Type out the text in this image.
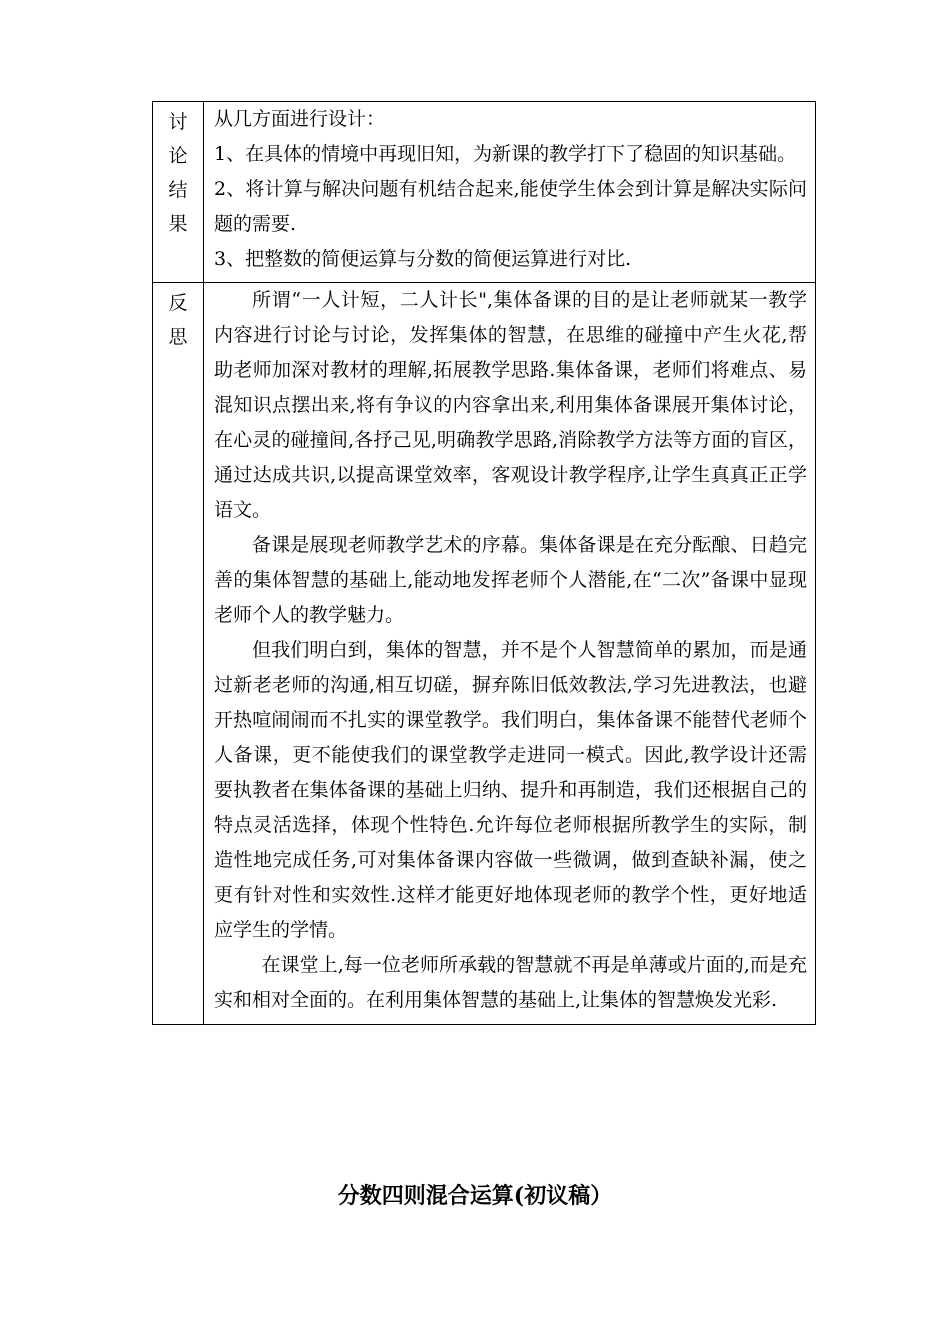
讨论结果	从几方面进行设计：

1、在具体的情境中再现旧知，为新课的教学打下了稳固的知识基础。

2、将计算与解决问题有机结合起来,能使学生体会到计算是解决实际问题的需要.

3、把整数的简便运算与分数的简便运算进行对比.

反思	所谓“一人计短，二人计长",集体备课的目的是让老师就某一教学内容进行讨论与讨论，发挥集体的智慧，在思维的碰撞中产生火花,帮助老师加深对教材的理解,拓展教学思路.集体备课，老师们将难点、易混知识点摆出来,将有争议的内容拿出来,利用集体备课展开集体讨论，在心灵的碰撞间,各抒己见,明确教学思路,消除教学方法等方面的盲区，通过达成共识,以提高课堂效率，客观设计教学程序,让学生真真正正学语文。

备课是展现老师教学艺术的序幕。集体备课是在充分酝酿、日趋完善的集体智慧的基础上,能动地发挥老师个人潜能,在“二次”备课中显现老师个人的教学魅力。

但我们明白到，集体的智慧，并不是个人智慧简单的累加，而是通过新老老师的沟通,相互切磋，摒弃陈旧低效教法,学习先进教法，也避开热喧闹闹而不扎实的课堂教学。我们明白，集体备课不能替代老师个人备课，更不能使我们的课堂教学走进同一模式。因此,教学设计还需要执教者在集体备课的基础上归纳、提升和再制造，我们还根据自己的特点灵活选择，体现个性特色.允许每位老师根据所教学生的实际，制造性地完成任务,可对集体备课内容做一些微调，做到查缺补漏，使之更有针对性和实效性.这样才能更好地体现老师的教学个性，更好地适应学生的学情。

在课堂上,每一位老师所承载的智慧就不再是单薄或片面的,而是充实和相对全面的。在利用集体智慧的基础上,让集体的智慧焕发光彩.

分数四则混合运算(初议稿）
